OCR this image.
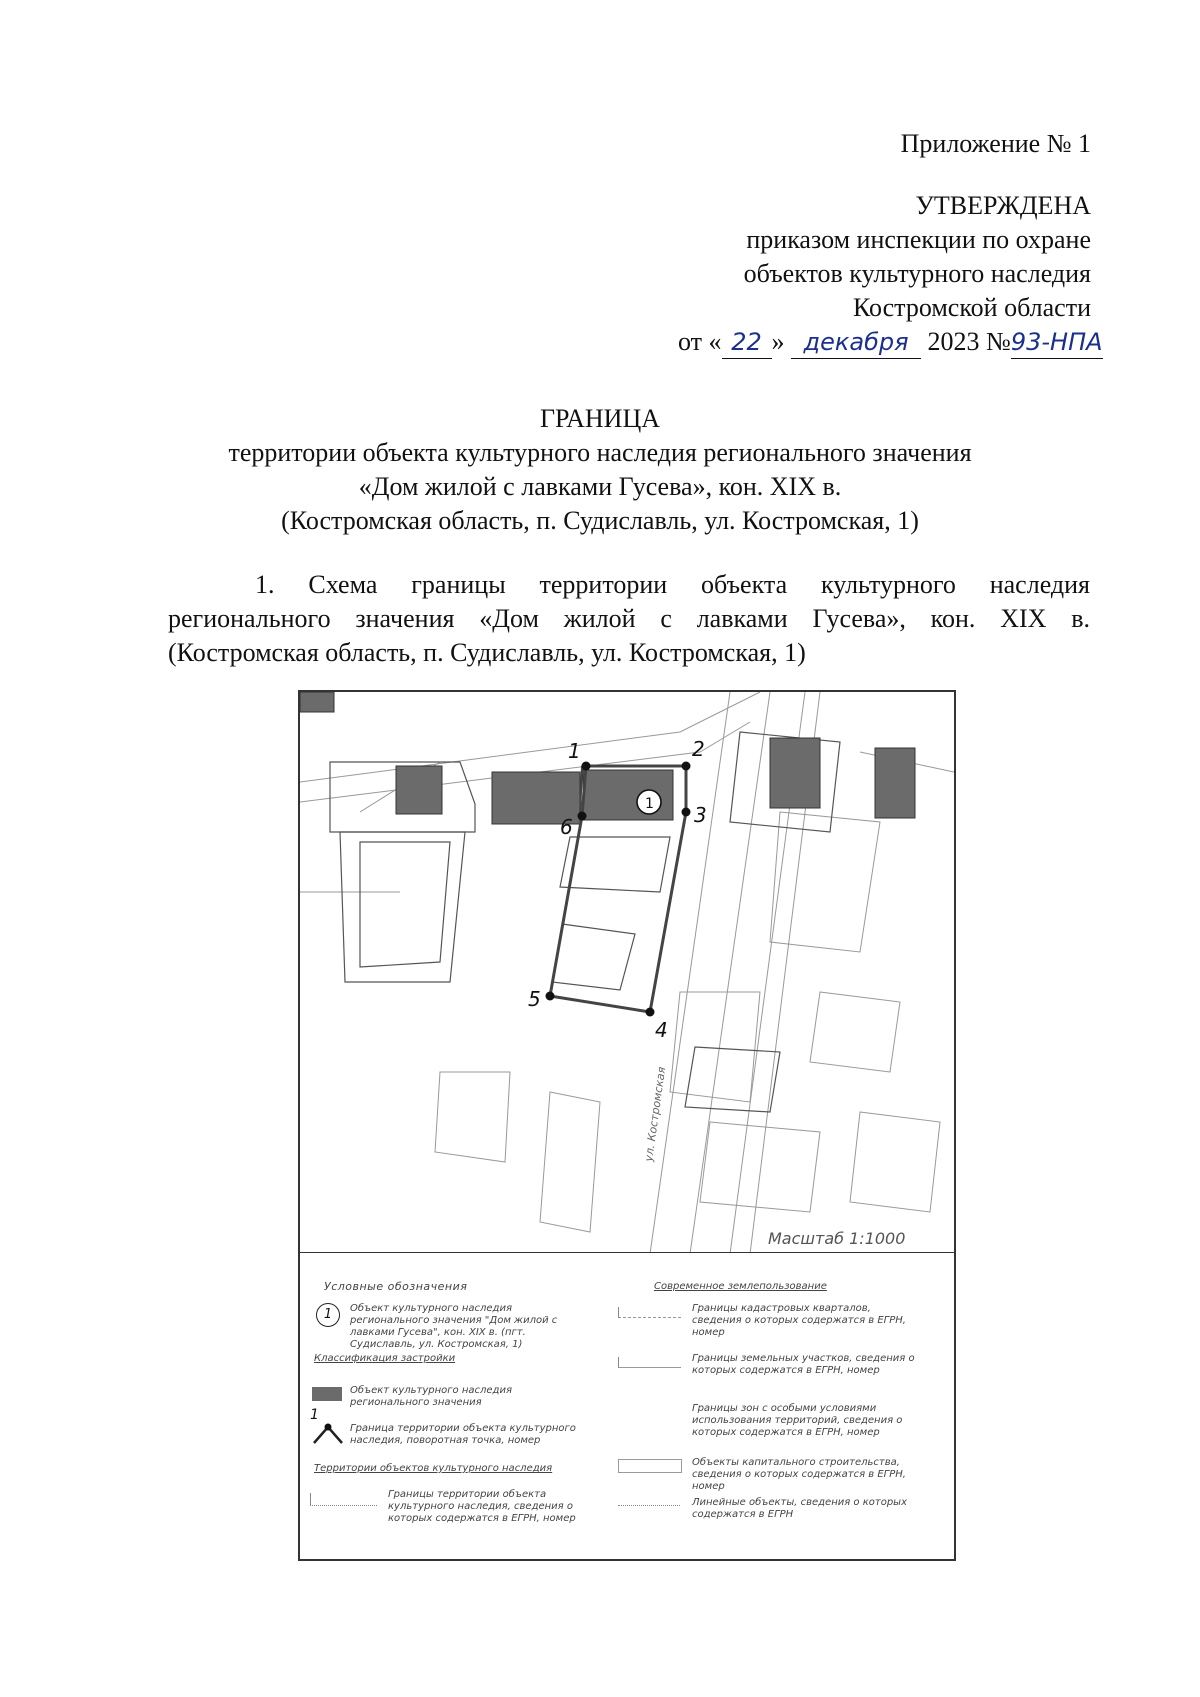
Приложение № 1
УТВЕРЖДЕНА
приказом инспекции по охране
объектов культурного наследия
Костромской области
от « 22 » декабря 2023 №93-НПА
ГРАНИЦА
территории объекта культурного наследия регионального значения
«Дом жилой с лавками Гусева», кон. XIX в.
(Костромская область, п. Судиславль, ул. Костромская, 1)
1. Схема границы территории объекта культурного наследия
регионального значения «Дом жилой с лавками Гусева», кон. XIX в.
(Костромская область, п. Судиславль, ул. Костромская, 1)
1	2
3
4
5
6
1
ул. Костромская
Масштаб 1:1000
Условные обозначения
1	Объект культурного наследия регионального значения "Дом жилой с лавками Гусева", кон. XIX в. (пгт. Судиславль, ул. Костромская, 1)
Классификация застройки
Объект культурного наследия регионального значения
1
Граница территории объекта культурного наследия, поворотная точка, номер
Территории объектов культурного наследия
Границы территории объекта культурного наследия, сведения о которых содержатся в ЕГРН, номер
Современное землепользование
Границы кадастровых кварталов, сведения о которых содержатся в ЕГРН, номер
Границы земельных участков, сведения о которых содержатся в ЕГРН, номер
Границы зон с особыми условиями использования территорий, сведения о которых содержатся в ЕГРН, номер
Объекты капитального строительства, сведения о которых содержатся в ЕГРН, номер
Линейные объекты, сведения о которых содержатся в ЕГРН
